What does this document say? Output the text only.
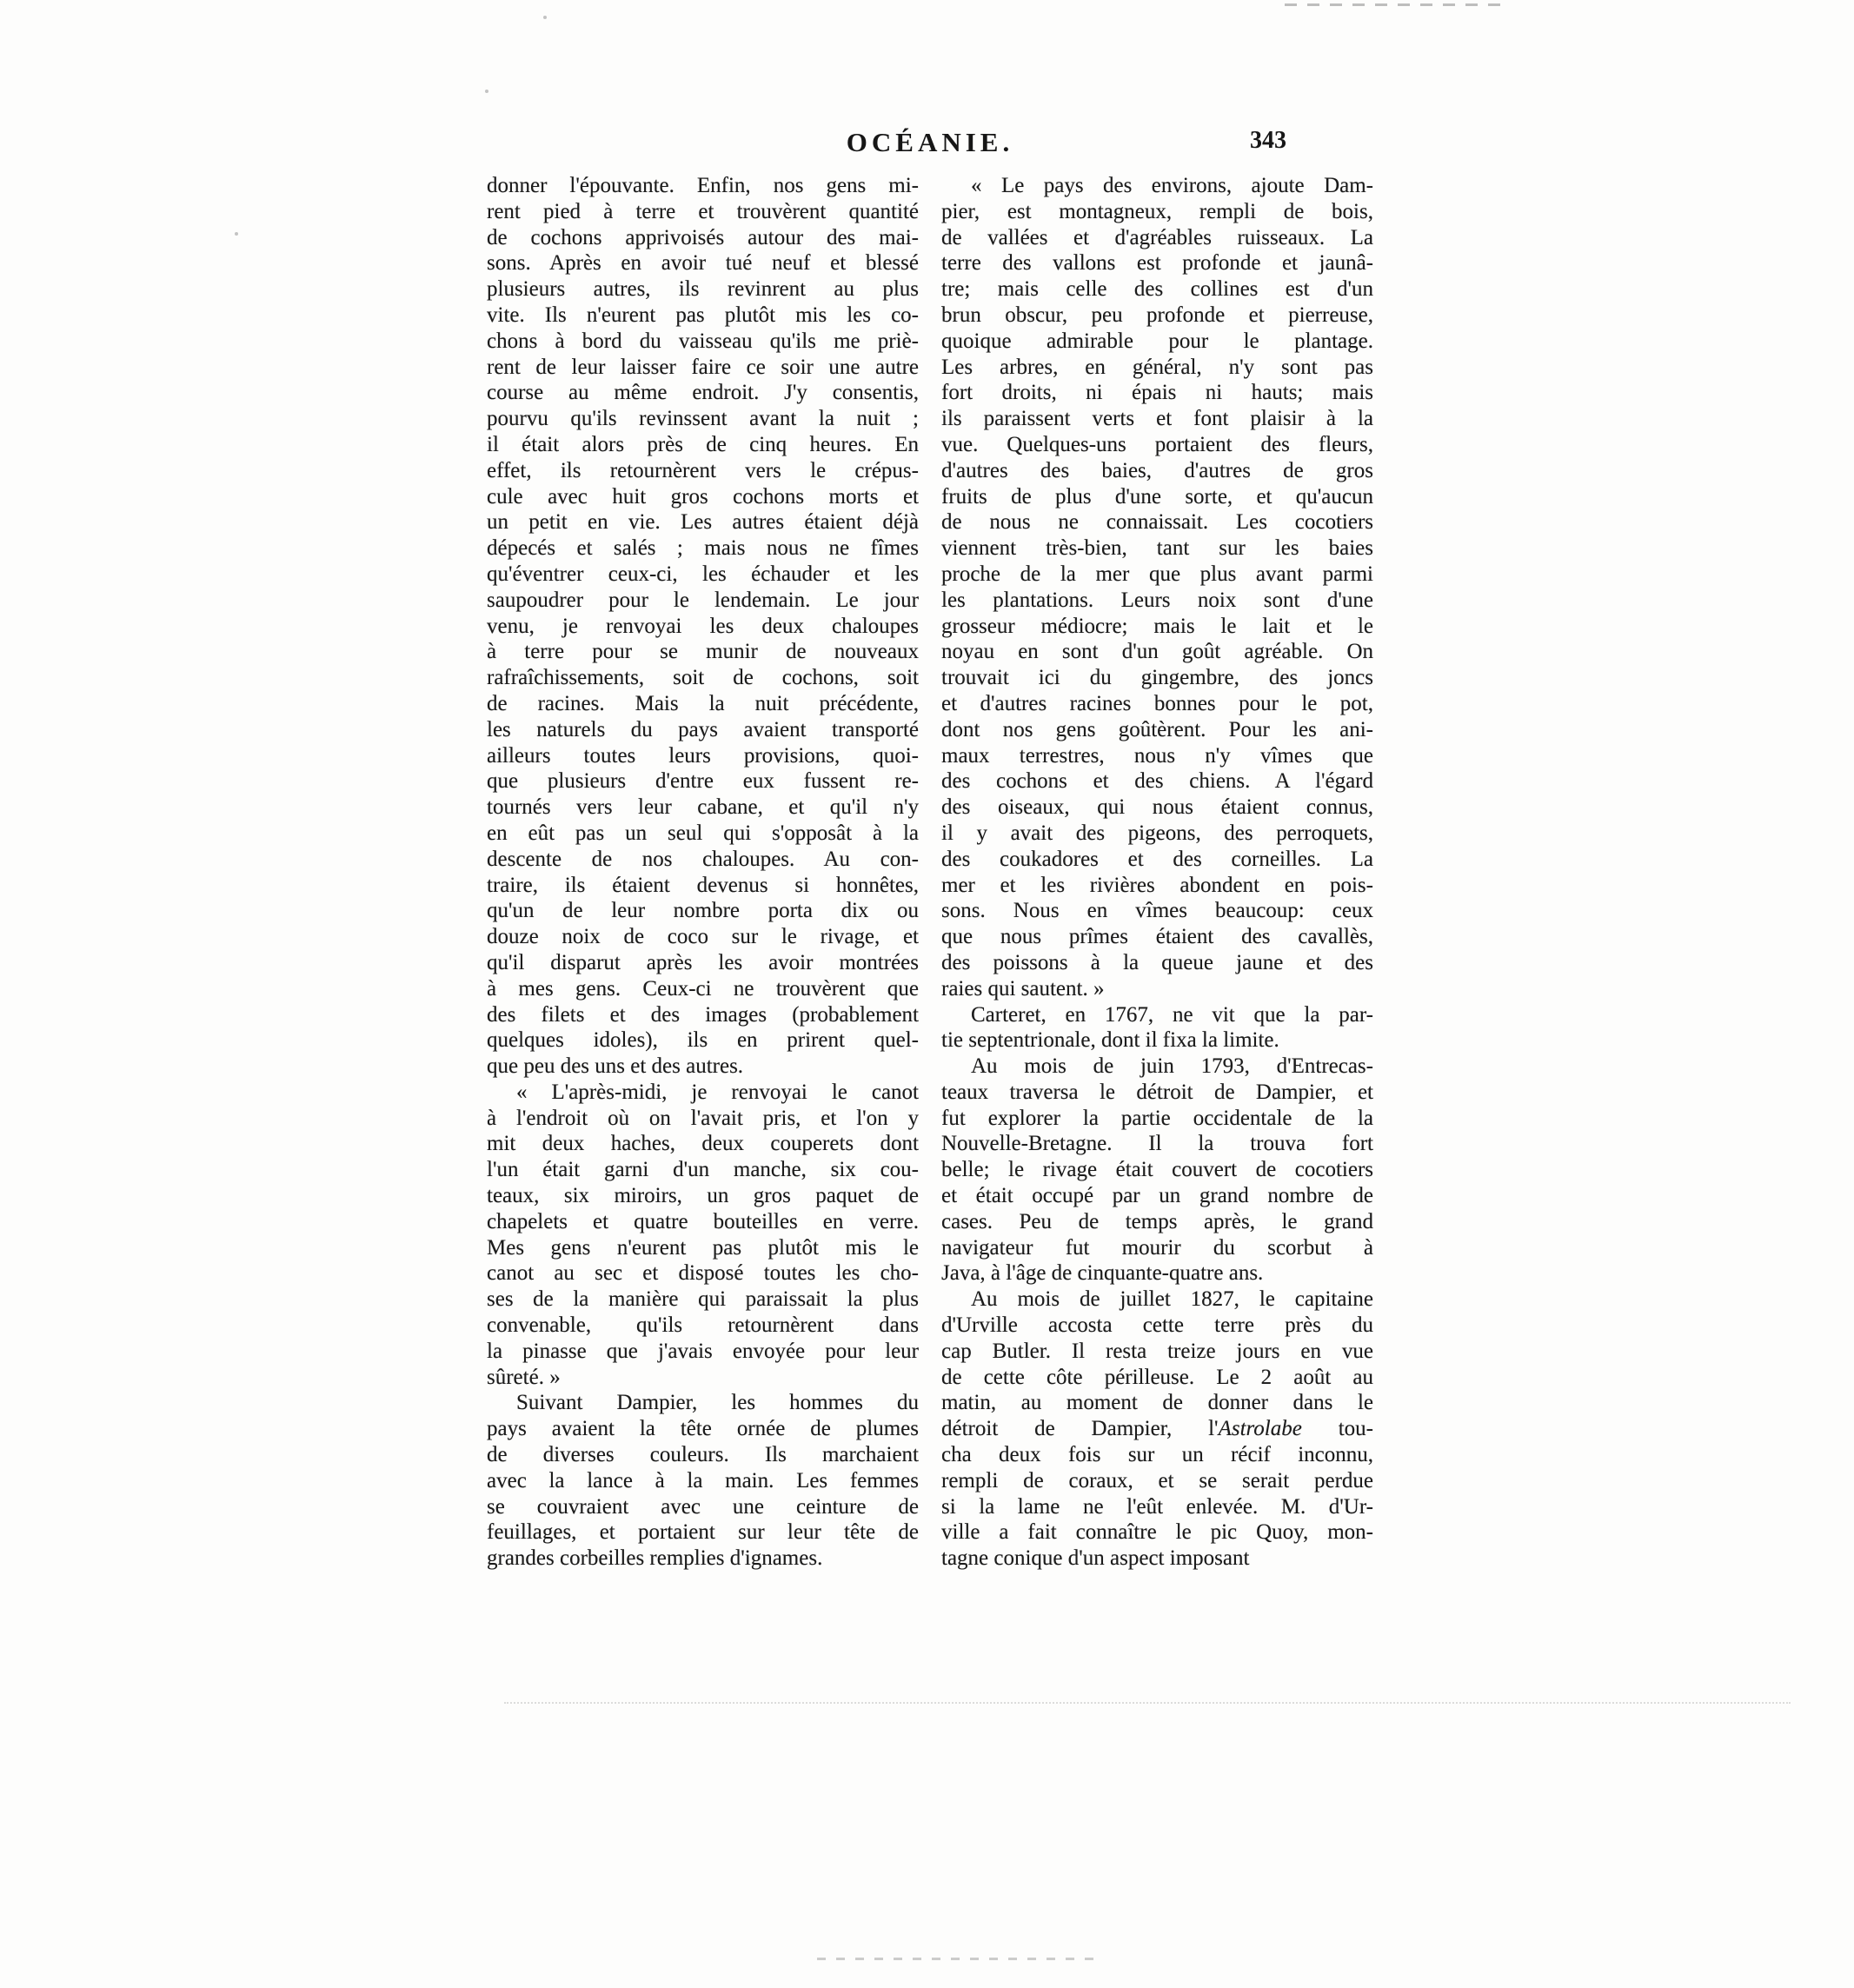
OCÉANIE.	343
donner l'épouvante. Enfin, nos gens mi-
rent pied à terre et trouvèrent quantité
de cochons apprivoisés autour des mai-
sons. Après en avoir tué neuf et blessé
plusieurs autres, ils revinrent au plus
vite. Ils n'eurent pas plutôt mis les co-
chons à bord du vaisseau qu'ils me priè-
rent de leur laisser faire ce soir une autre
course au même endroit. J'y consentis,
pourvu qu'ils revinssent avant la nuit ;
il était alors près de cinq heures. En
effet, ils retournèrent vers le crépus-
cule avec huit gros cochons morts et
un petit en vie. Les autres étaient déjà
dépecés et salés ; mais nous ne fîmes
qu'éventrer ceux-ci, les échauder et les
saupoudrer pour le lendemain. Le jour
venu, je renvoyai les deux chaloupes
à terre pour se munir de nouveaux
rafraîchissements, soit de cochons, soit
de racines. Mais la nuit précédente,
les naturels du pays avaient transporté
ailleurs toutes leurs provisions, quoi-
que plusieurs d'entre eux fussent re-
tournés vers leur cabane, et qu'il n'y
en eût pas un seul qui s'opposât à la
descente de nos chaloupes. Au con-
traire, ils étaient devenus si honnêtes,
qu'un de leur nombre porta dix ou
douze noix de coco sur le rivage, et
qu'il disparut après les avoir montrées
à mes gens. Ceux-ci ne trouvèrent que
des filets et des images (probablement
quelques idoles), ils en prirent quel-
que peu des uns et des autres.
« L'après-midi, je renvoyai le canot
à l'endroit où on l'avait pris, et l'on y
mit deux haches, deux couperets dont
l'un était garni d'un manche, six cou-
teaux, six miroirs, un gros paquet de
chapelets et quatre bouteilles en verre.
Mes gens n'eurent pas plutôt mis le
canot au sec et disposé toutes les cho-
ses de la manière qui paraissait la plus
convenable, qu'ils retournèrent dans
la pinasse que j'avais envoyée pour leur
sûreté. »
Suivant Dampier, les hommes du
pays avaient la tête ornée de plumes
de diverses couleurs. Ils marchaient
avec la lance à la main. Les femmes
se couvraient avec une ceinture de
feuillages, et portaient sur leur tête de
grandes corbeilles remplies d'ignames.
« Le pays des environs, ajoute Dam-
pier, est montagneux, rempli de bois,
de vallées et d'agréables ruisseaux. La
terre des vallons est profonde et jaunâ-
tre; mais celle des collines est d'un
brun obscur, peu profonde et pierreuse,
quoique admirable pour le plantage.
Les arbres, en général, n'y sont pas
fort droits, ni épais ni hauts; mais
ils paraissent verts et font plaisir à la
vue. Quelques-uns portaient des fleurs,
d'autres des baies, d'autres de gros
fruits de plus d'une sorte, et qu'aucun
de nous ne connaissait. Les cocotiers
viennent très-bien, tant sur les baies
proche de la mer que plus avant parmi
les plantations. Leurs noix sont d'une
grosseur médiocre; mais le lait et le
noyau en sont d'un goût agréable. On
trouvait ici du gingembre, des joncs
et d'autres racines bonnes pour le pot,
dont nos gens goûtèrent. Pour les ani-
maux terrestres, nous n'y vîmes que
des cochons et des chiens. A l'égard
des oiseaux, qui nous étaient connus,
il y avait des pigeons, des perroquets,
des coukadores et des corneilles. La
mer et les rivières abondent en pois-
sons. Nous en vîmes beaucoup: ceux
que nous prîmes étaient des cavallès,
des poissons à la queue jaune et des
raies qui sautent. »
Carteret, en 1767, ne vit que la par-
tie septentrionale, dont il fixa la limite.
Au mois de juin 1793, d'Entrecas-
teaux traversa le détroit de Dampier, et
fut explorer la partie occidentale de la
Nouvelle-Bretagne. Il la trouva fort
belle; le rivage était couvert de cocotiers
et était occupé par un grand nombre de
cases. Peu de temps après, le grand
navigateur fut mourir du scorbut à
Java, à l'âge de cinquante-quatre ans.
Au mois de juillet 1827, le capitaine
d'Urville accosta cette terre près du
cap Butler. Il resta treize jours en vue
de cette côte périlleuse. Le 2 août au
matin, au moment de donner dans le
détroit de Dampier, l'Astrolabe tou-
cha deux fois sur un récif inconnu,
rempli de coraux, et se serait perdue
si la lame ne l'eût enlevée. M. d'Ur-
ville a fait connaître le pic Quoy, mon-
tagne conique d'un aspect imposant
